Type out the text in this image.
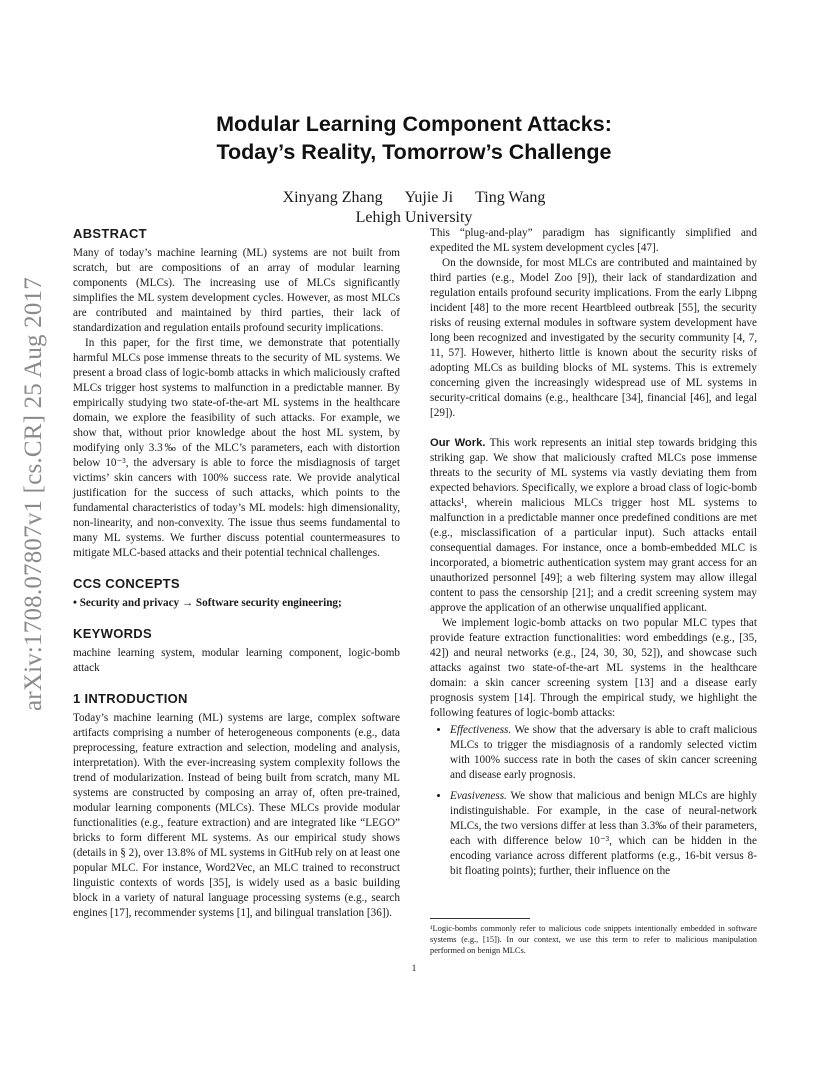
arXiv:1708.07807v1 [cs.CR] 25 Aug 2017
Modular Learning Component Attacks:
Today’s Reality, Tomorrow’s Challenge
Xinyang Zhang Yujie Ji Ting Wang
Lehigh University
ABSTRACT

Many of today’s machine learning (ML) systems are not built from scratch, but are compositions of an array of modular learning components (MLCs). The increasing use of MLCs significantly simplifies the ML system development cycles. However, as most MLCs are contributed and maintained by third parties, their lack of standardization and regulation entails profound security implications.

In this paper, for the first time, we demonstrate that potentially harmful MLCs pose immense threats to the security of ML systems. We present a broad class of logic-bomb attacks in which maliciously crafted MLCs trigger host systems to malfunction in a predictable manner. By empirically studying two state-of-the-art ML systems in the healthcare domain, we explore the feasibility of such attacks. For example, we show that, without prior knowledge about the host ML system, by modifying only 3.3‰ of the MLC’s parameters, each with distortion below 10⁻³, the adversary is able to force the misdiagnosis of target victims’ skin cancers with 100% success rate. We provide analytical justification for the success of such attacks, which points to the fundamental characteristics of today’s ML models: high dimensionality, non-linearity, and non-convexity. The issue thus seems fundamental to many ML systems. We further discuss potential countermeasures to mitigate MLC-based attacks and their potential technical challenges.

CCS CONCEPTS

• Security and privacy → Software security engineering;

KEYWORDS

machine learning system, modular learning component, logic-bomb attack

1 INTRODUCTION

Today’s machine learning (ML) systems are large, complex software artifacts comprising a number of heterogeneous components (e.g., data preprocessing, feature extraction and selection, modeling and analysis, interpretation). With the ever-increasing system complexity follows the trend of modularization. Instead of being built from scratch, many ML systems are constructed by composing an array of, often pre-trained, modular learning components (MLCs). These MLCs provide modular functionalities (e.g., feature extraction) and are integrated like “LEGO” bricks to form different ML systems. As our empirical study shows (details in § 2), over 13.8% of ML systems in GitHub rely on at least one popular MLC. For instance, Word2Vec, an MLC trained to reconstruct linguistic contexts of words [35], is widely used as a basic building block in a variety of natural language processing systems (e.g., search engines [17], recommender systems [1], and bilingual translation [36]).

This “plug-and-play” paradigm has significantly simplified and expedited the ML system development cycles [47].

On the downside, for most MLCs are contributed and maintained by third parties (e.g., Model Zoo [9]), their lack of standardization and regulation entails profound security implications. From the early Libpng incident [48] to the more recent Heartbleed outbreak [55], the security risks of reusing external modules in software system development have long been recognized and investigated by the security community [4, 7, 11, 57]. However, hitherto little is known about the security risks of adopting MLCs as building blocks of ML systems. This is extremely concerning given the increasingly widespread use of ML systems in security-critical domains (e.g., healthcare [34], financial [46], and legal [29]).

Our Work. This work represents an initial step towards bridging this striking gap. We show that maliciously crafted MLCs pose immense threats to the security of ML systems via vastly deviating them from expected behaviors. Specifically, we explore a broad class of logic-bomb attacks¹, wherein malicious MLCs trigger host ML systems to malfunction in a predictable manner once predefined conditions are met (e.g., misclassification of a particular input). Such attacks entail consequential damages. For instance, once a bomb-embedded MLC is incorporated, a biometric authentication system may grant access for an unauthorized personnel [49]; a web filtering system may allow illegal content to pass the censorship [21]; and a credit screening system may approve the application of an otherwise unqualified applicant.

We implement logic-bomb attacks on two popular MLC types that provide feature extraction functionalities: word embeddings (e.g., [35, 42]) and neural networks (e.g., [24, 30, 30, 52]), and showcase such attacks against two state-of-the-art ML systems in the healthcare domain: a skin cancer screening system [13] and a disease early prognosis system [14]. Through the empirical study, we highlight the following features of logic-bomb attacks:

• Effectiveness. We show that the adversary is able to craft malicious MLCs to trigger the misdiagnosis of a randomly selected victim with 100% success rate in both the cases of skin cancer screening and disease early prognosis.
• Evasiveness. We show that malicious and benign MLCs are highly indistinguishable. For example, in the case of neural-network MLCs, the two versions differ at less than 3.3‰ of their parameters, each with difference below 10⁻³, which can be hidden in the encoding variance across different platforms (e.g., 16-bit versus 8-bit floating points); further, their influence on the
¹Logic-bombs commonly refer to malicious code snippets intentionally embedded in software systems (e.g., [15]). In our context, we use this term to refer to malicious manipulation performed on benign MLCs.
1
